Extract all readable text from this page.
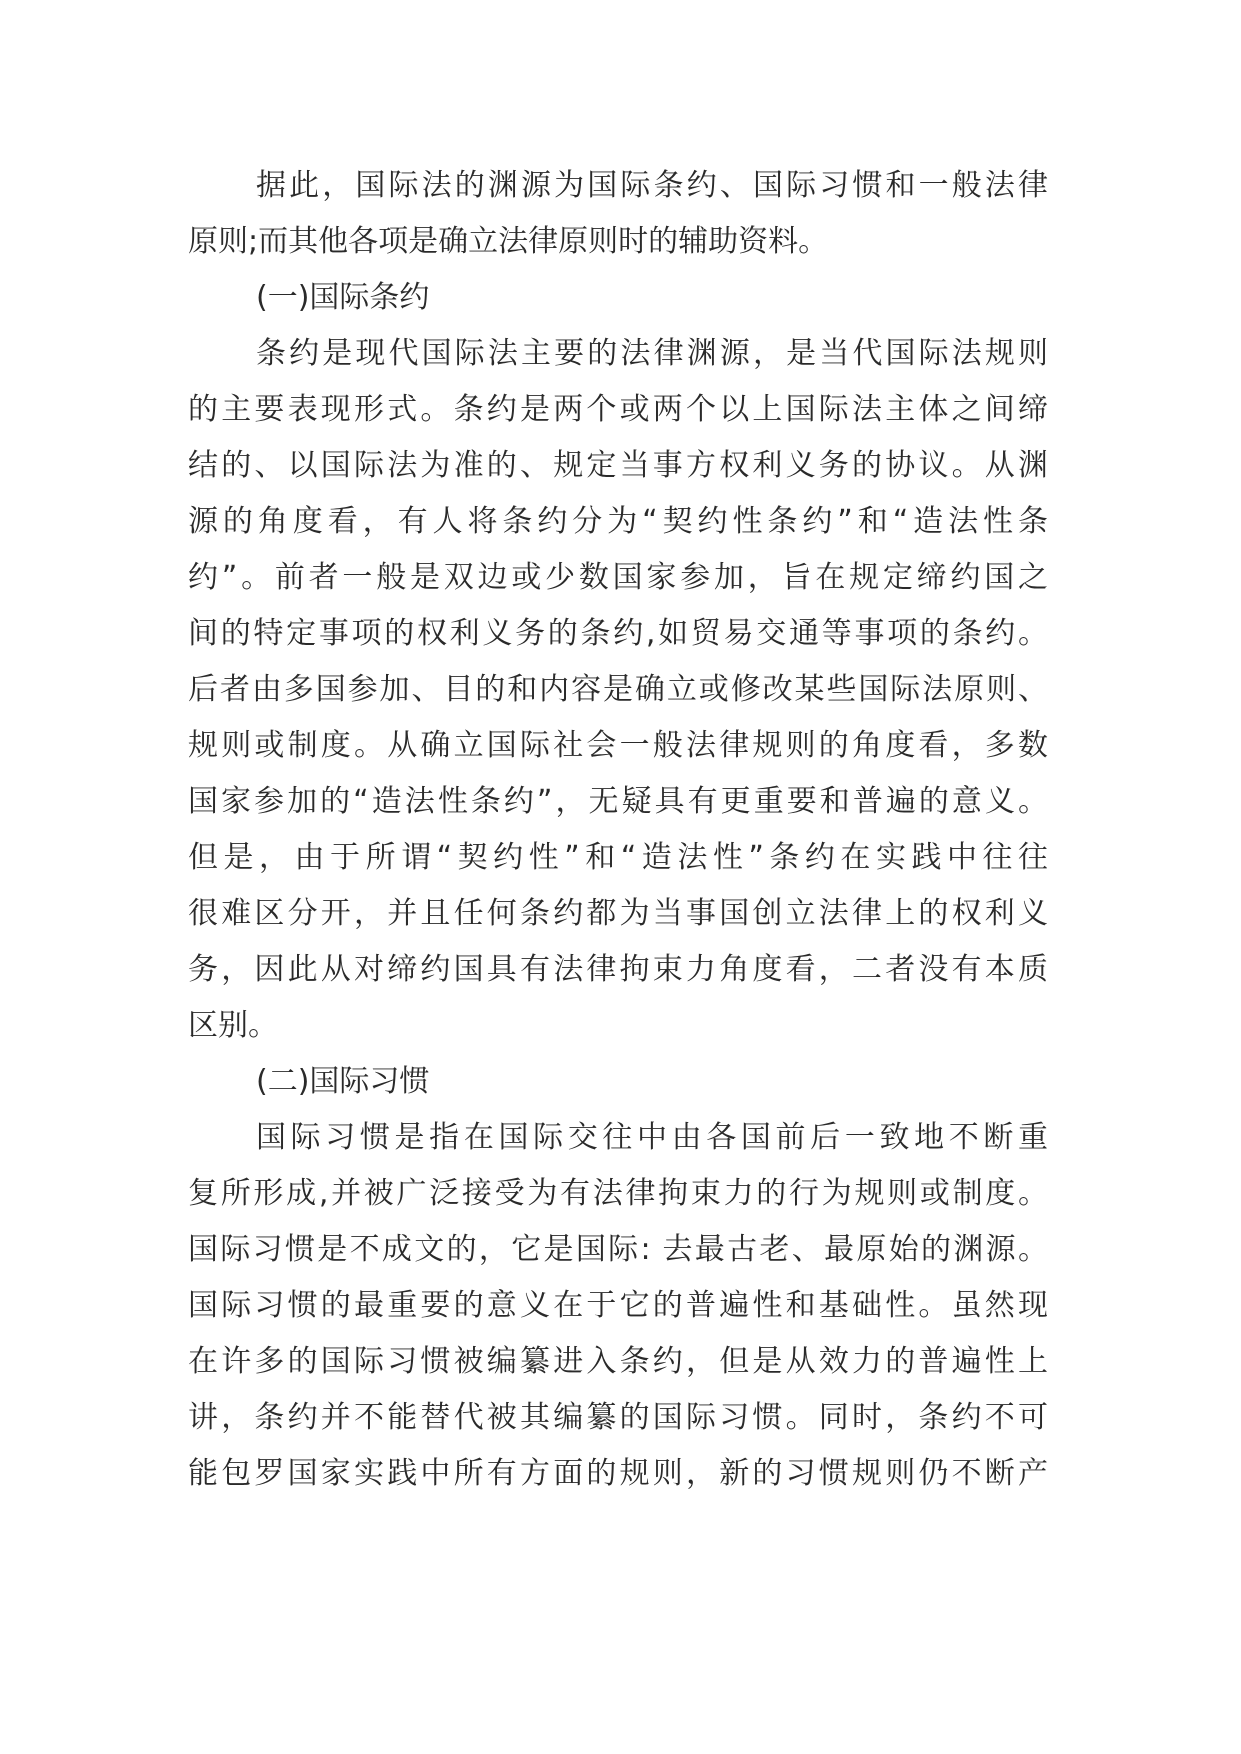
据此，国际法的渊源为国际条约、国际习惯和一般法律
原则;而其他各项是确立法律原则时的辅助资料。
(一)国际条约
条约是现代国际法主要的法律渊源，是当代国际法规则
的主要表现形式。条约是两个或两个以上国际法主体之间缔
结的、以国际法为准的、规定当事方权利义务的协议。从渊
源的角度看，有人将条约分为“契约性条约”和“造法性条
约”。前者一般是双边或少数国家参加，旨在规定缔约国之
间的特定事项的权利义务的条约,如贸易交通等事项的条约。
后者由多国参加、目的和内容是确立或修改某些国际法原则、
规则或制度。从确立国际社会一般法律规则的角度看，多数
国家参加的“造法性条约”，无疑具有更重要和普遍的意义。
但是，由于所谓“契约性”和“造法性”条约在实践中往往
很难区分开，并且任何条约都为当事国创立法律上的权利义
务，因此从对缔约国具有法律拘束力角度看，二者没有本质
区别。
(二)国际习惯
国际习惯是指在国际交往中由各国前后一致地不断重
复所形成,并被广泛接受为有法律拘束力的行为规则或制度。
国际习惯是不成文的，它是国际: 去最古老、最原始的渊源。
国际习惯的最重要的意义在于它的普遍性和基础性。虽然现
在许多的国际习惯被编纂进入条约，但是从效力的普遍性上
讲，条约并不能替代被其编纂的国际习惯。同时，条约不可
能包罗国家实践中所有方面的规则，新的习惯规则仍不断产
